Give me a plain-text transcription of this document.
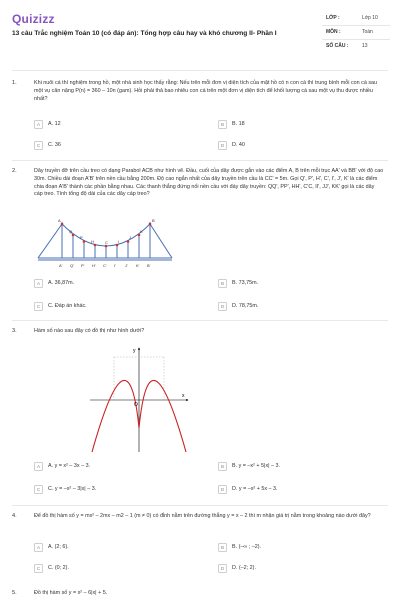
Quizizz
13 câu Trắc nghiệm Toán 10 (có đáp án): Tổng hợp câu hay và khó chương II- Phần I
LỚP :	Lớp 10
MÔN :	Toán
SỐ CÂU :	13
1.	Khi nuôi cá thí nghiệm trong hồ, một nhà sinh học thấy rằng: Nếu trên mỗi đơn vị diện tích của mặt hồ có n con cá thì trung bình mỗi con cá sau một vụ cân nặng P(n) = 360 – 10n (gam). Hỏi phải thả bao nhiêu con cá trên một đơn vị diện tích để khối lượng cá sau một vụ thu được nhiều nhất?
A	A. 12	B	B. 18
C	C. 36	D	D. 40
2.	Dây truyền đỡ trên cầu treo có dạng Parabol ACB như hình vẽ. Đầu, cuối của dây được gắn vào các điểm A, B trên mỗi trục AA' và BB' với độ cao 30m. Chiều dài đoạn A'B' trên nền cầu bằng 200m. Độ cao ngắn nhất của dây truyền trên cầu là CC' = 5m. Gọi Q', P', H', C', I', J', K' là các điểm chia đoạn A'B' thành các phần bằng nhau. Các thanh thẳng đứng nối nền cầu với đáy dây truyền: QQ', PP', HH', C'C, II', JJ', KK' gọi là các dây cáp treo. Tính tổng độ dài của các dây cáp treo?
A
Q
P
H	C	I
J
K
B
A' Q' P' H' C' I' J' K' B'
A	A. 36,87m.	B	B. 73,75m.
C	C. Đáp án khác.	D	D. 78,75m.
3.	Hàm số nào sau đây có đồ thị như hình dưới?
x
y
O
A	A. y = x² – 3x – 3.	B	B. y = –x² + 5|x| – 3.
C	C. y = –x² – 3|x| – 3.	D	D. y = –x² + 5x – 3.
4.	Để đồ thị hàm số y = mx² – 2mx – m2 – 1 (m ≠ 0) có đỉnh nằm trên đường thẳng y = x – 2 thì m nhận giá trị nằm trong khoảng nào dưới đây?
A	A. (2; 6).	B	B. (–∞ ; –2).
C	C. (0; 2).	D	D. (–2; 2).
5.	Đồ thị hàm số y = x² – 6|x| + 5.
